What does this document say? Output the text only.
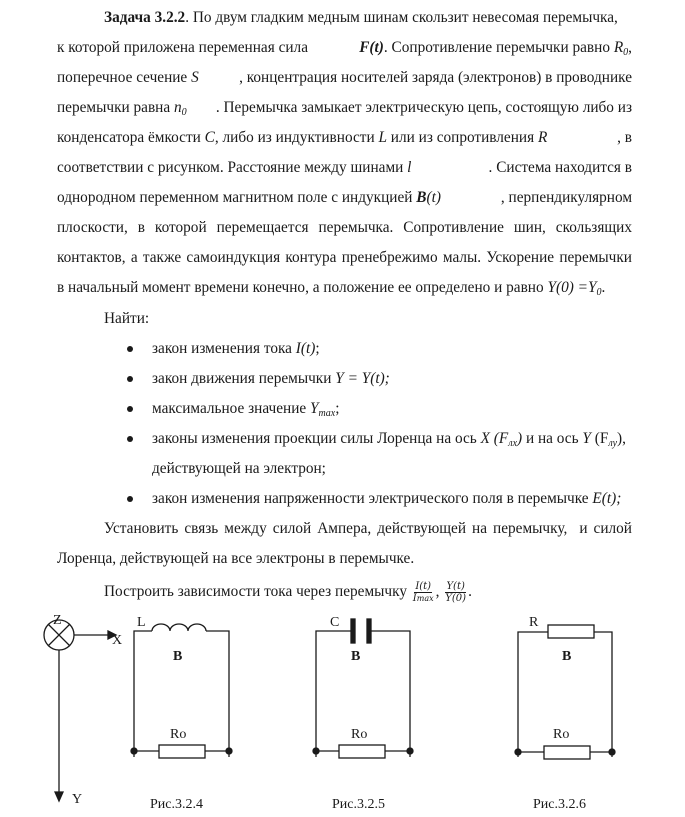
Задача 3.2.2. По двум гладким медным шинам скользит невесомая перемычка,
к которой приложена переменная сила	F(t). Сопротивление перемычки равно $R_0$,
поперечное сечение S	, концентрация носителей заряда (электронов) в проводнике
перемычки равна $n_0$ . Перемычка замыкает электрическую цепь, состоящую либо из
конденсатора ёмкости C, либо из индуктивности L или из сопротивления R	, в
соответствии с рисунком. Расстояние между шинами l	. Система находится в
однородном переменном магнитном поле с индукцией B(t)	, перпендикулярном
плоскости, в которой перемещается перемычка. Сопротивление шин, скользящих
контактов, а также самоиндукция контура пренебрежимо малы. Ускорение перемычки
в начальный момент времени конечно, а положение ее определено и равно $Y(0) =Y_0$.
Найти:
закон изменения тока I(t);
закон движения перемычки Y = Y(t);
максимальное значение $Y_{max}$;
законы изменения проекции силы Лоренца на ось X $(F_{лх})$ и на ось Y $(F_{лу})$,
действующей на электрон;
закон изменения напряженности электрического поля в перемычке E(t);
Установить связь между силой Ампера, действующей на перемычку,  и силой
Лоренца, действующей на все электроны в перемычке.
Построить зависимости тока через перемычку $\frac{I(t)}{Imax}$ , $\frac{Y(t)}{Y(0)}$ .
Z
X
Y
L
B
Ro
Рис.3.2.4
C
B
Ro
Рис.3.2.5
R
B
Ro
Рис.3.2.6
